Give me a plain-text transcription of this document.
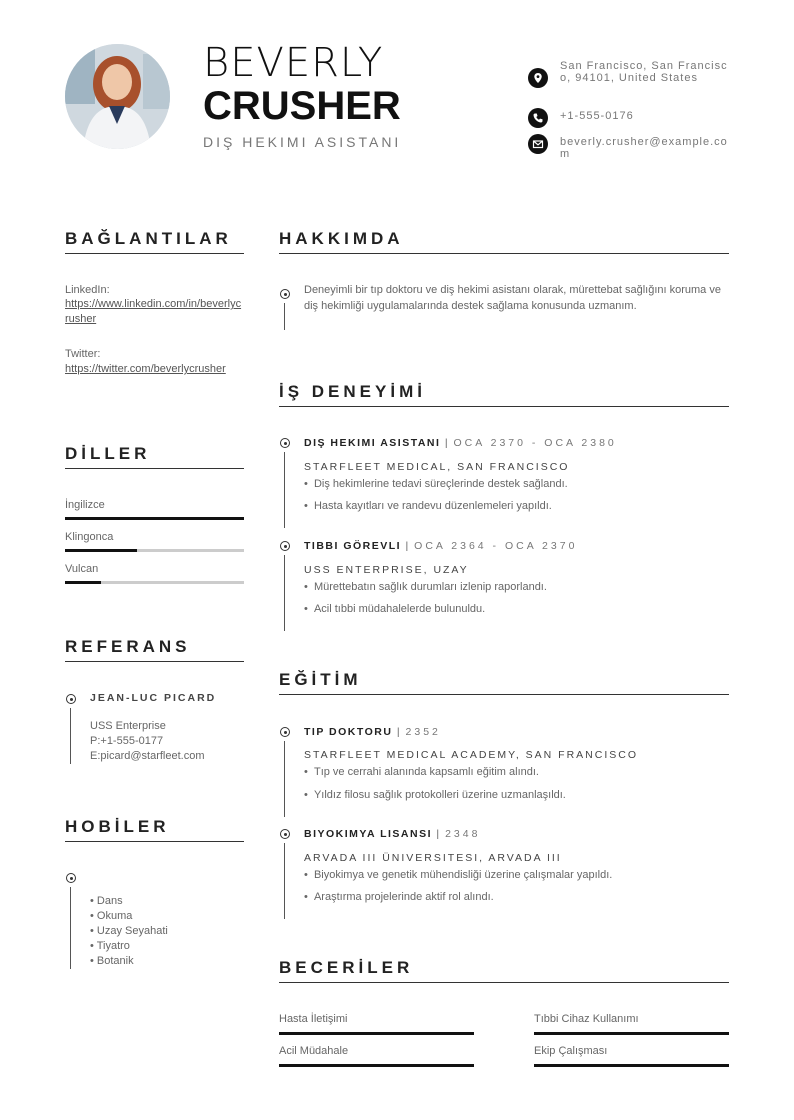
BEVERLY
CRUSHER
DIŞ HEKIMI ASISTANI
San Francisco, San Francisco, 94101, United States
+1-555-0176
beverly.crusher@example.com
BAĞLANTILAR
LinkedIn:
https://www.linkedin.com/in/beverlycrusher
Twitter:
https://twitter.com/beverlycrusher
DİLLER
İngilizce
Klingonca
Vulcan
REFERANS
JEAN-LUC PICARD
USS Enterprise
P:+1-555-0177
E:picard@starfleet.com
HOBİLER
• Dans
• Okuma
• Uzay Seyahati
• Tiyatro
• Botanik
HAKKIMDA
Deneyimli bir tıp doktoru ve diş hekimi asistanı olarak, mürettebat sağlığını koruma ve diş hekimliği uygulamalarında destek sağlama konusunda uzmanım.
İŞ DENEYİMİ
DIŞ HEKIMI ASISTANI | OCA 2370 - OCA 2380
STARFLEET MEDICAL, SAN FRANCISCO
•  Diş hekimlerine tedavi süreçlerinde destek sağlandı.
•  Hasta kayıtları ve randevu düzenlemeleri yapıldı.
TIBBI GÖREVLI | OCA 2364 - OCA 2370
USS ENTERPRISE, UZAY
•  Mürettebatın sağlık durumları izlenip raporlandı.
•  Acil tıbbi müdahalelerde bulunuldu.
EĞİTİM
TIP DOKTORU | 2352
STARFLEET MEDICAL ACADEMY, SAN FRANCISCO
•  Tıp ve cerrahi alanında kapsamlı eğitim alındı.
•  Yıldız filosu sağlık protokolleri üzerine uzmanlaşıldı.
BIYOKIMYA LISANSI | 2348
ARVADA III ÜNIVERSITESI, ARVADA III
•  Biyokimya ve genetik mühendisliği üzerine çalışmalar yapıldı.
•  Araştırma projelerinde aktif rol alındı.
BECERİLER
Hasta İletişimi	Tıbbi Cihaz Kullanımı
Acil Müdahale	Ekip Çalışması
